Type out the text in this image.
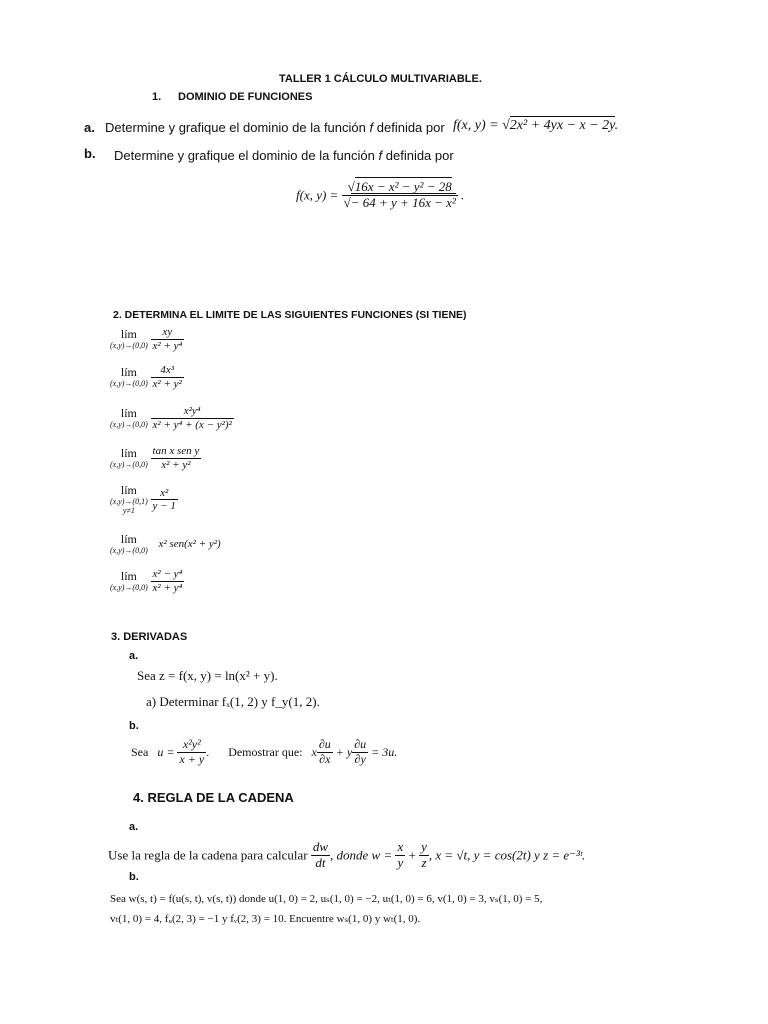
TALLER 1 CÁLCULO MULTIVARIABLE.
1. DOMINIO DE FUNCIONES
a. Determine y grafique el dominio de la función f definida por f(x, y) = √2x² + 4yx − x − 2y.
b. Determine y grafique el dominio de la función f definida por
f(x, $y) = \frac{\text{√16x − x² − y² − 28}}{\text{√− 64 + y + 16x − x²}}$ .
2. DETERMINA EL LIMITE DE LAS SIGUIENTES FUNCIONES (SI TIENE)
lím
(x,y)→(0,0)
$\frac{xy}{\text{x² + y⁴}}$
lím
(x,y)→(0,0)
$\frac{\text{4x³}}{\text{x² + y²}}$
lím
(x,y)→(0,0)
$\frac{\text{x²y⁴}}{\text{x² + y⁴ + (x − y²)²}}$
lím
(x,y)→(0,0)
$\frac{\text{tan x sen y}}{\text{x² + y²}}$
lím
(x,y)→(0,1)
y≠1
	$\frac{\text{x²}}{y - 1}$
lím
(x,y)→(0,0)
x² sen(x² + y²)
lím
(x,y)→(0,0)
$\frac{\text{x² − y⁴}}{\text{x² + y⁴}}$
3. DERIVADAS
a.
Sea z = f(x, y) = ln(x² + y).
a) Determinar fₓ(1, 2) y f_y(1, 2).
b.
Sea $u = \frac{\text{x²y²}}{x + y}$ . Demostrar que: x $\frac{\partial u}{\partial x} + y \frac{\partial u}{\partial y} = 3u$.
4. REGLA DE LA CADENA
a.
Use la regla de la cadena para calcular $\frac{dw}{dt}$ , donde $w = \frac{x}{y} + \frac{y}{z}$ , x = √t, y = cos(2t) y z = e⁻³ᵗ.
b.
Sea w(s, t) = f(u(s, t), v(s, t)) donde u(1, 0) = 2, uₛ(1, 0) = −2, uₜ(1, 0) = 6, v(1, 0) = 3, vₛ(1, 0) = 5,
vₜ(1, 0) = 4, fᵤ(2, 3) = −1 y fᵥ(2, 3) = 10. Encuentre wₛ(1, 0) y wₜ(1, 0).
